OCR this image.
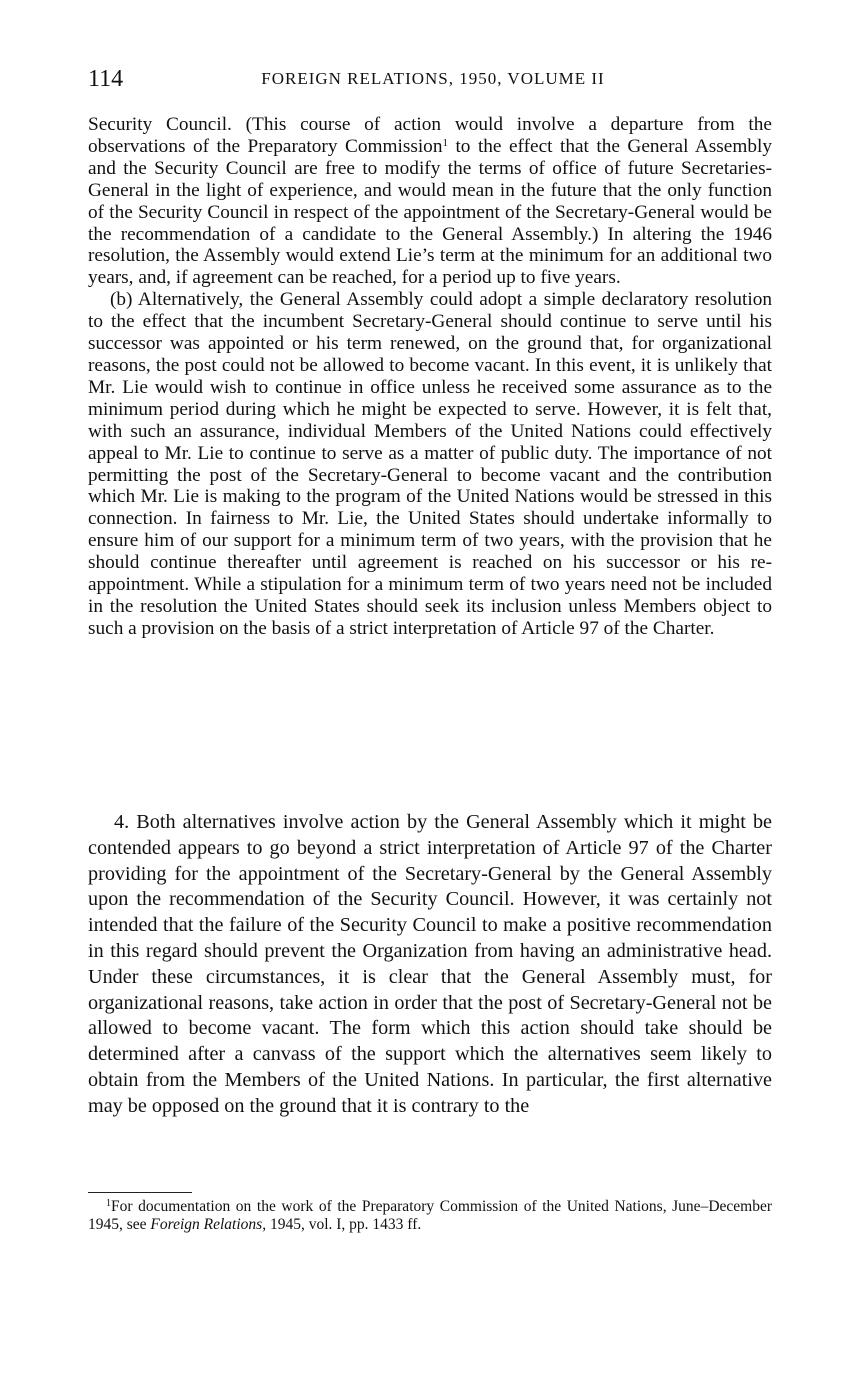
114	FOREIGN RELATIONS, 1950, VOLUME II

Security Council. (This course of action would involve a departure from the observations of the Preparatory Commission$^1$ to the effect that the General Assembly and the Security Council are free to modify the terms of office of future Secretaries-General in the light of experience, and would mean in the future that the only function of the Security Council in respect of the appointment of the Secretary-General would be the recommendation of a candidate to the General Assembly.) In altering the 1946 resolution, the Assembly would extend Lie’s term at the minimum for an additional two years, and, if agreement can be reached, for a period up to five years.

(b) Alternatively, the General Assembly could adopt a simple declaratory resolution to the effect that the incumbent Secretary-General should continue to serve until his successor was appointed or his term renewed, on the ground that, for organizational reasons, the post could not be allowed to become vacant. In this event, it is unlikely that Mr. Lie would wish to continue in office unless he received some assurance as to the minimum period during which he might be expected to serve. However, it is felt that, with such an assurance, individual Members of the United Nations could effectively appeal to Mr. Lie to continue to serve as a matter of public duty. The importance of not permitting the post of the Secretary-General to become vacant and the contribution which Mr. Lie is making to the program of the United Nations would be stressed in this connection. In fairness to Mr. Lie, the United States should undertake informally to ensure him of our support for a minimum term of two years, with the provision that he should continue thereafter until agreement is reached on his successor or his re-appointment. While a stipulation for a minimum term of two years need not be included in the resolution the United States should seek its inclusion unless Members object to such a provision on the basis of a strict interpretation of Article 97 of the Charter.

4. Both alternatives involve action by the General Assembly which it might be contended appears to go beyond a strict interpretation of Article 97 of the Charter providing for the appointment of the Secretary-General by the General Assembly upon the recommendation of the Security Council. However, it was certainly not intended that the failure of the Security Council to make a positive recommendation in this regard should prevent the Organization from having an administrative head. Under these circumstances, it is clear that the General Assembly must, for organizational reasons, take action in order that the post of Secretary-General not be allowed to become vacant. The form which this action should take should be determined after a canvass of the support which the alternatives seem likely to obtain from the Members of the United Nations. In particular, the first alternative may be opposed on the ground that it is contrary to the

$^1$For documentation on the work of the Preparatory Commission of the United Nations, June–December 1945, see Foreign Relations, 1945, vol. I, pp. 1433 ff.
